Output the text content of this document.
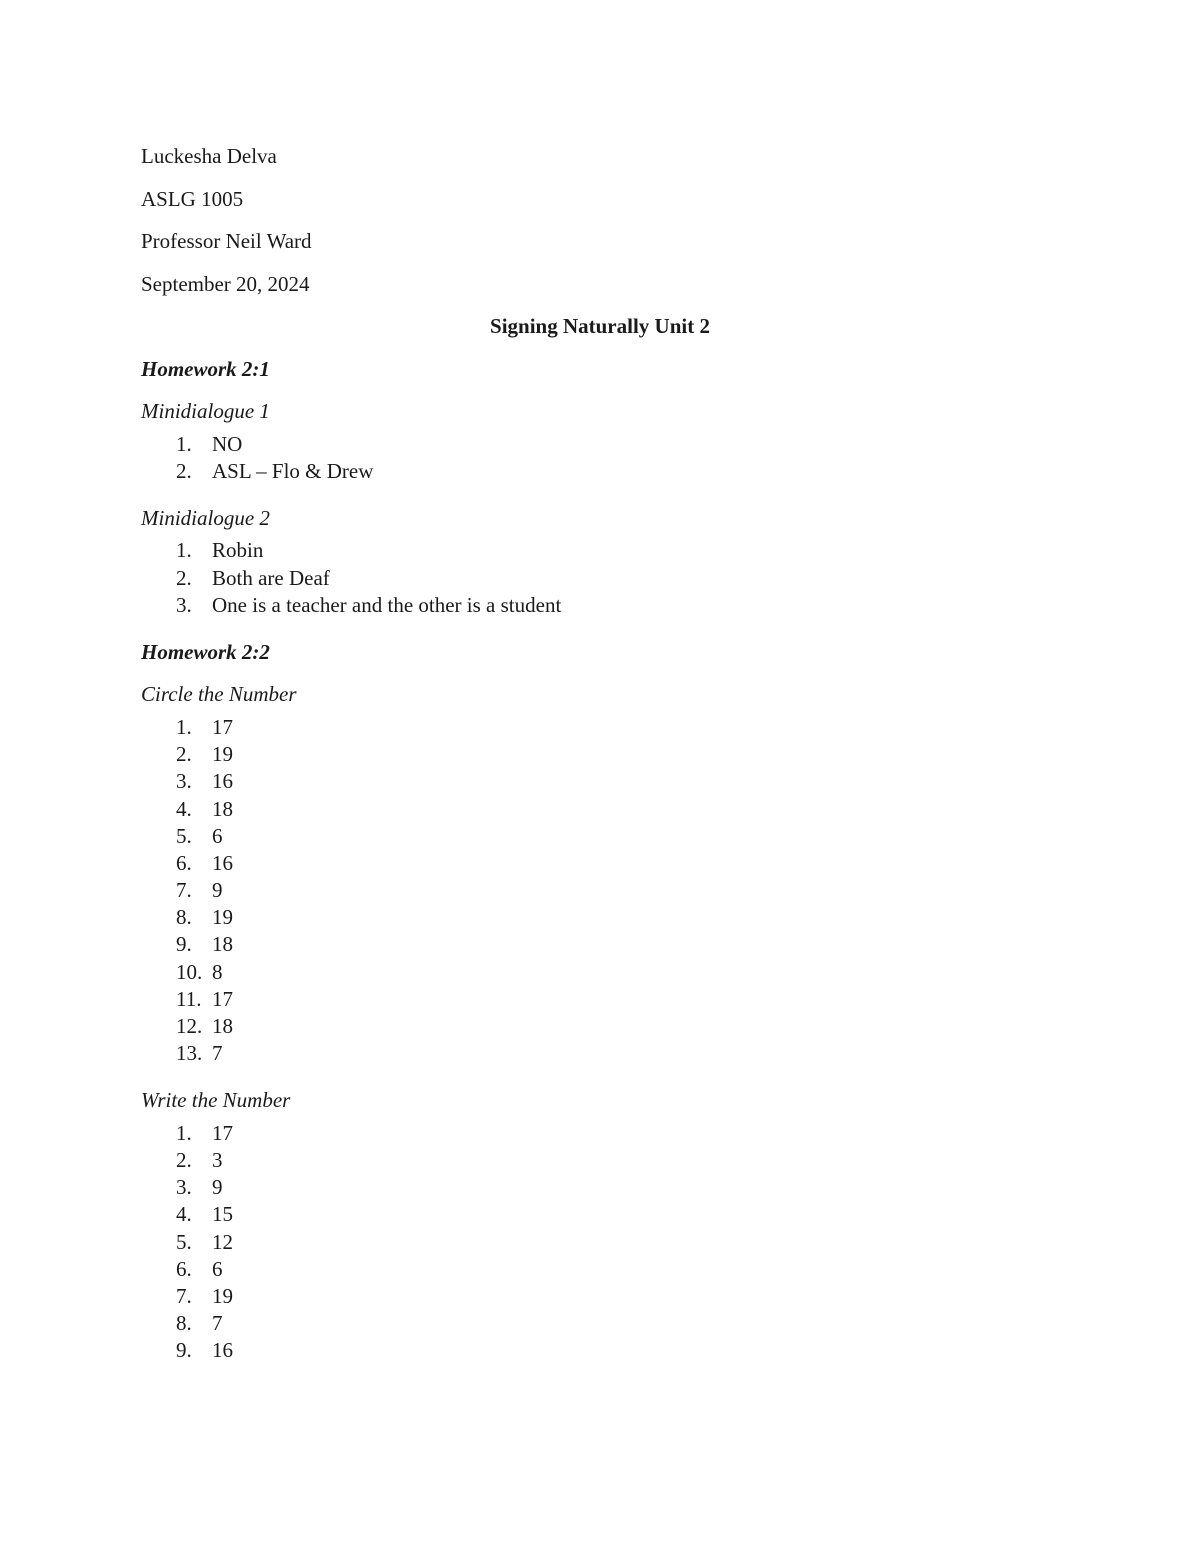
Luckesha Delva
ASLG 1005
Professor Neil Ward
September 20, 2024
Signing Naturally Unit 2
Homework 2:1
Minidialogue 1
1. NO
2. ASL – Flo & Drew
Minidialogue 2
1. Robin
2. Both are Deaf
3. One is a teacher and the other is a student
Homework 2:2
Circle the Number
1. 17
2. 19
3. 16
4. 18
5. 6
6. 16
7. 9
8. 19
9. 18
10. 8
11. 17
12. 18
13. 7
Write the Number
1. 17
2. 3
3. 9
4. 15
5. 12
6. 6
7. 19
8. 7
9. 16
